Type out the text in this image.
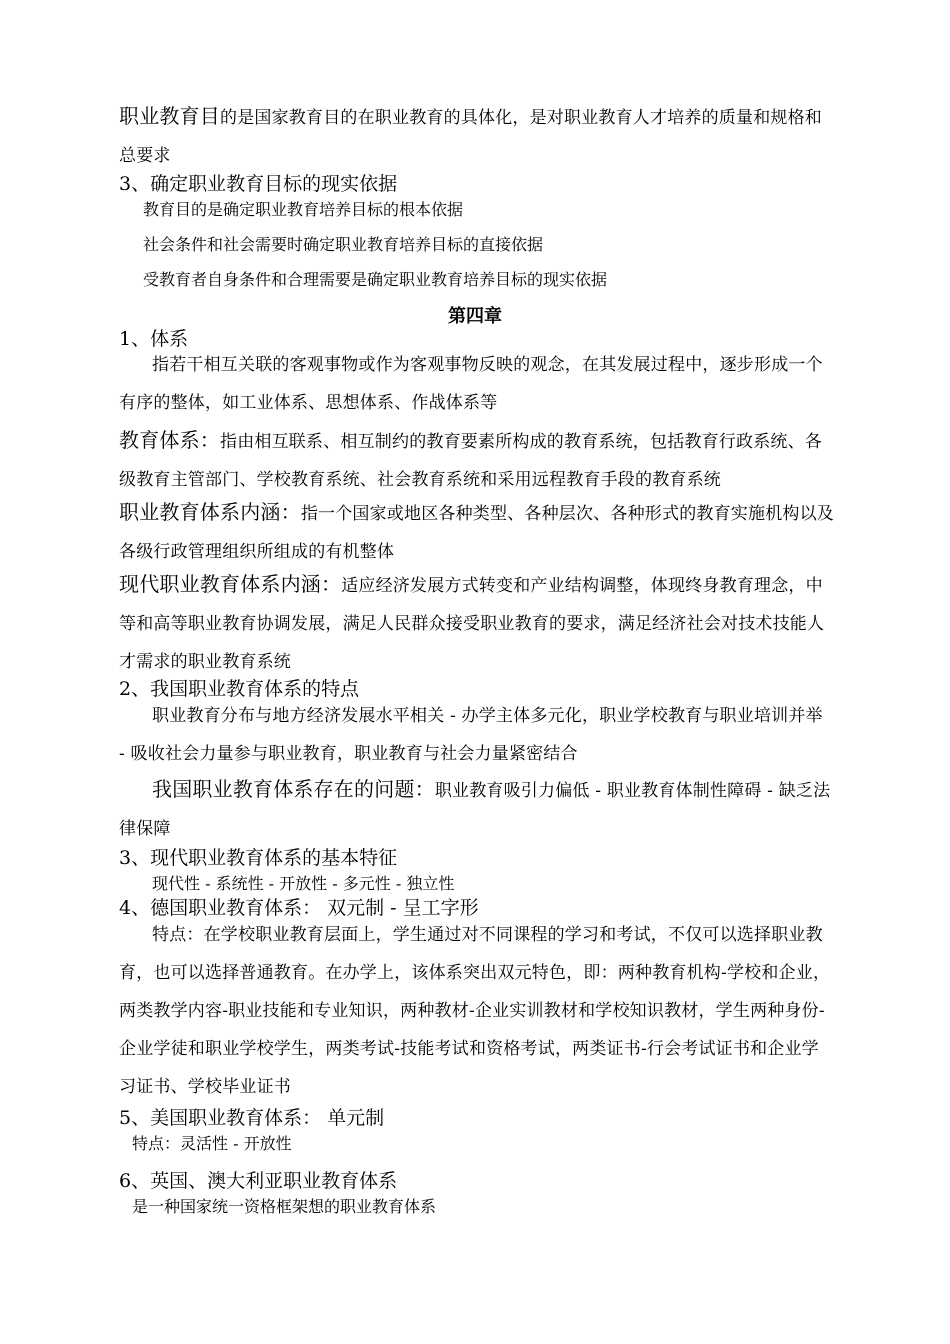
职业教育目的是国家教育目的在职业教育的具体化，是对职业教育人才培养的质量和规格和总要求

3、确定职业教育目标的现实依据
教育目的是确定职业教育培养目标的根本依据
社会条件和社会需要时确定职业教育培养目标的直接依据
受教育者自身条件和合理需要是确定职业教育培养目标的现实依据
第四章
1、体系

指若干相互关联的客观事物或作为客观事物反映的观念，在其发展过程中，逐步形成一个有序的整体，如工业体系、思想体系、作战体系等

教育体系：指由相互联系、相互制约的教育要素所构成的教育系统，包括教育行政系统、各级教育主管部门、学校教育系统、社会教育系统和采用远程教育手段的教育系统

职业教育体系内涵：指一个国家或地区各种类型、各种层次、各种形式的教育实施机构以及各级行政管理组织所组成的有机整体

现代职业教育体系内涵：适应经济发展方式转变和产业结构调整，体现终身教育理念，中等和高等职业教育协调发展，满足人民群众接受职业教育的要求，满足经济社会对技术技能人才需求的职业教育系统

2、我国职业教育体系的特点

职业教育分布与地方经济发展水平相关 - 办学主体多元化，职业学校教育与职业培训并举 - 吸收社会力量参与职业教育，职业教育与社会力量紧密结合

我国职业教育体系存在的问题：职业教育吸引力偏低 - 职业教育体制性障碍 - 缺乏法律保障

3、现代职业教育体系的基本特征
现代性 - 系统性 - 开放性 - 多元性 - 独立性
4、德国职业教育体系： 双元制 - 呈工字形

特点：在学校职业教育层面上，学生通过对不同课程的学习和考试，不仅可以选择职业教育，也可以选择普通教育。在办学上，该体系突出双元特色，即：两种教育机构-学校和企业，两类教学内容-职业技能和专业知识，两种教材-企业实训教材和学校知识教材，学生两种身份-企业学徒和职业学校学生，两类考试-技能考试和资格考试，两类证书-行会考试证书和企业学习证书、学校毕业证书

5、美国职业教育体系： 单元制
特点：灵活性 - 开放性
6、英国、澳大利亚职业教育体系
是一种国家统一资格框架想的职业教育体系
